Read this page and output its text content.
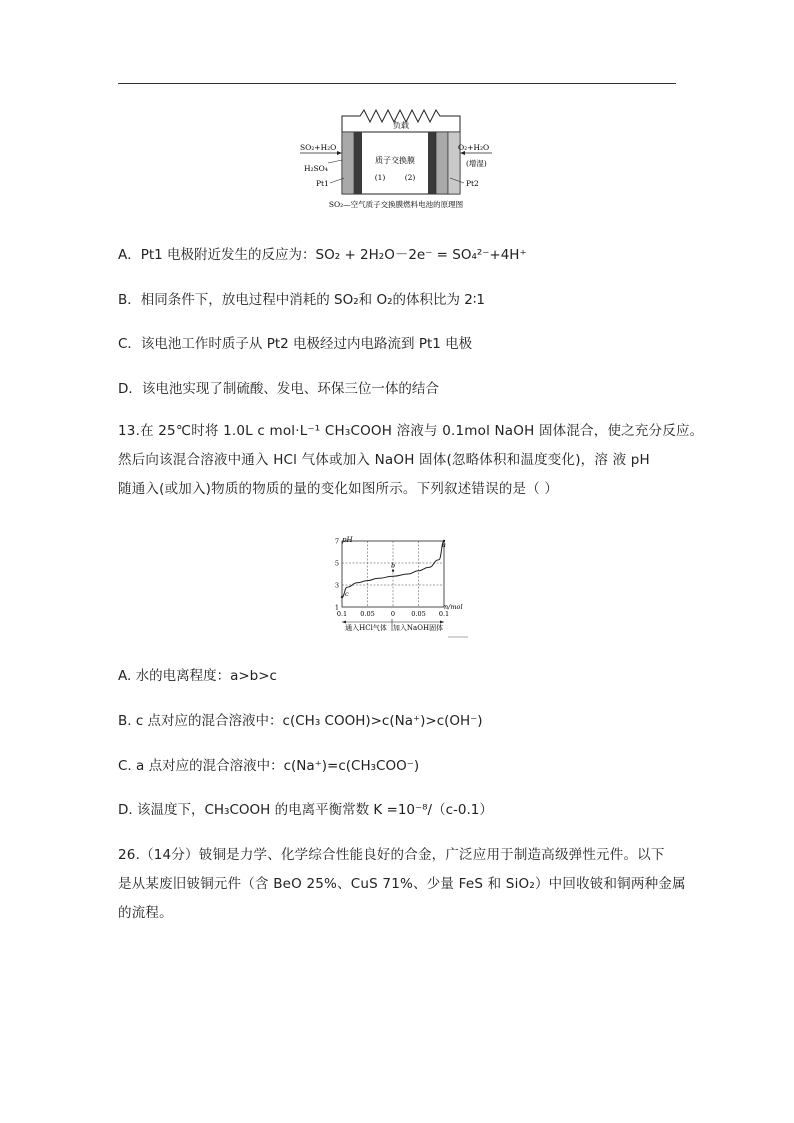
负载
质子交换膜
(1)	(2)
SO₂+H₂O
H₂SO₄
Pt1
O₂+H₂O
(增湿)
Pt2
SO₂—空气质子交换膜燃料电池的原理图
A．Pt1 电极附近发生的反应为：SO₂ + 2H₂O－2e⁻ = SO₄²⁻+4H⁺
B．相同条件下，放电过程中消耗的 SO₂和 O₂的体积比为 2∶1
C．该电池工作时质子从 Pt2 电极经过内电路流到 Pt1 电极
D．该电池实现了制硫酸、发电、环保三位一体的结合
13.在 25℃时将 1.0L c mol·L⁻¹ CH₃COOH 溶液与 0.1mol NaOH 固体混合，使之充分反应。
然后向该混合溶液中通入 HCl 气体或加入 NaOH 固体(忽略体积和温度变化)，溶 液 pH
随通入(或加入)物质的物质的量的变化如图所示。下列叙述错误的是（ ）
0.1 0.05 0 0.05 0.1
1
3
5
7	a
b
c
pH
n/mol
通入HCl气体 加入NaOH固体
A. 水的电离程度：a>b>c
B. c 点对应的混合溶液中：c(CH₃ COOH)>c(Na⁺)>c(OH⁻)
C. a 点对应的混合溶液中：c(Na⁺)=c(CH₃COO⁻)
D. 该温度下，CH₃COOH 的电离平衡常数 K =10⁻⁸/（c-0.1）
26.（14分）铍铜是力学、化学综合性能良好的合金，广泛应用于制造高级弹性元件。以下
是从某废旧铍铜元件（含 BeO 25%、CuS 71%、少量 FeS 和 SiO₂）中回收铍和铜两种金属
的流程。
